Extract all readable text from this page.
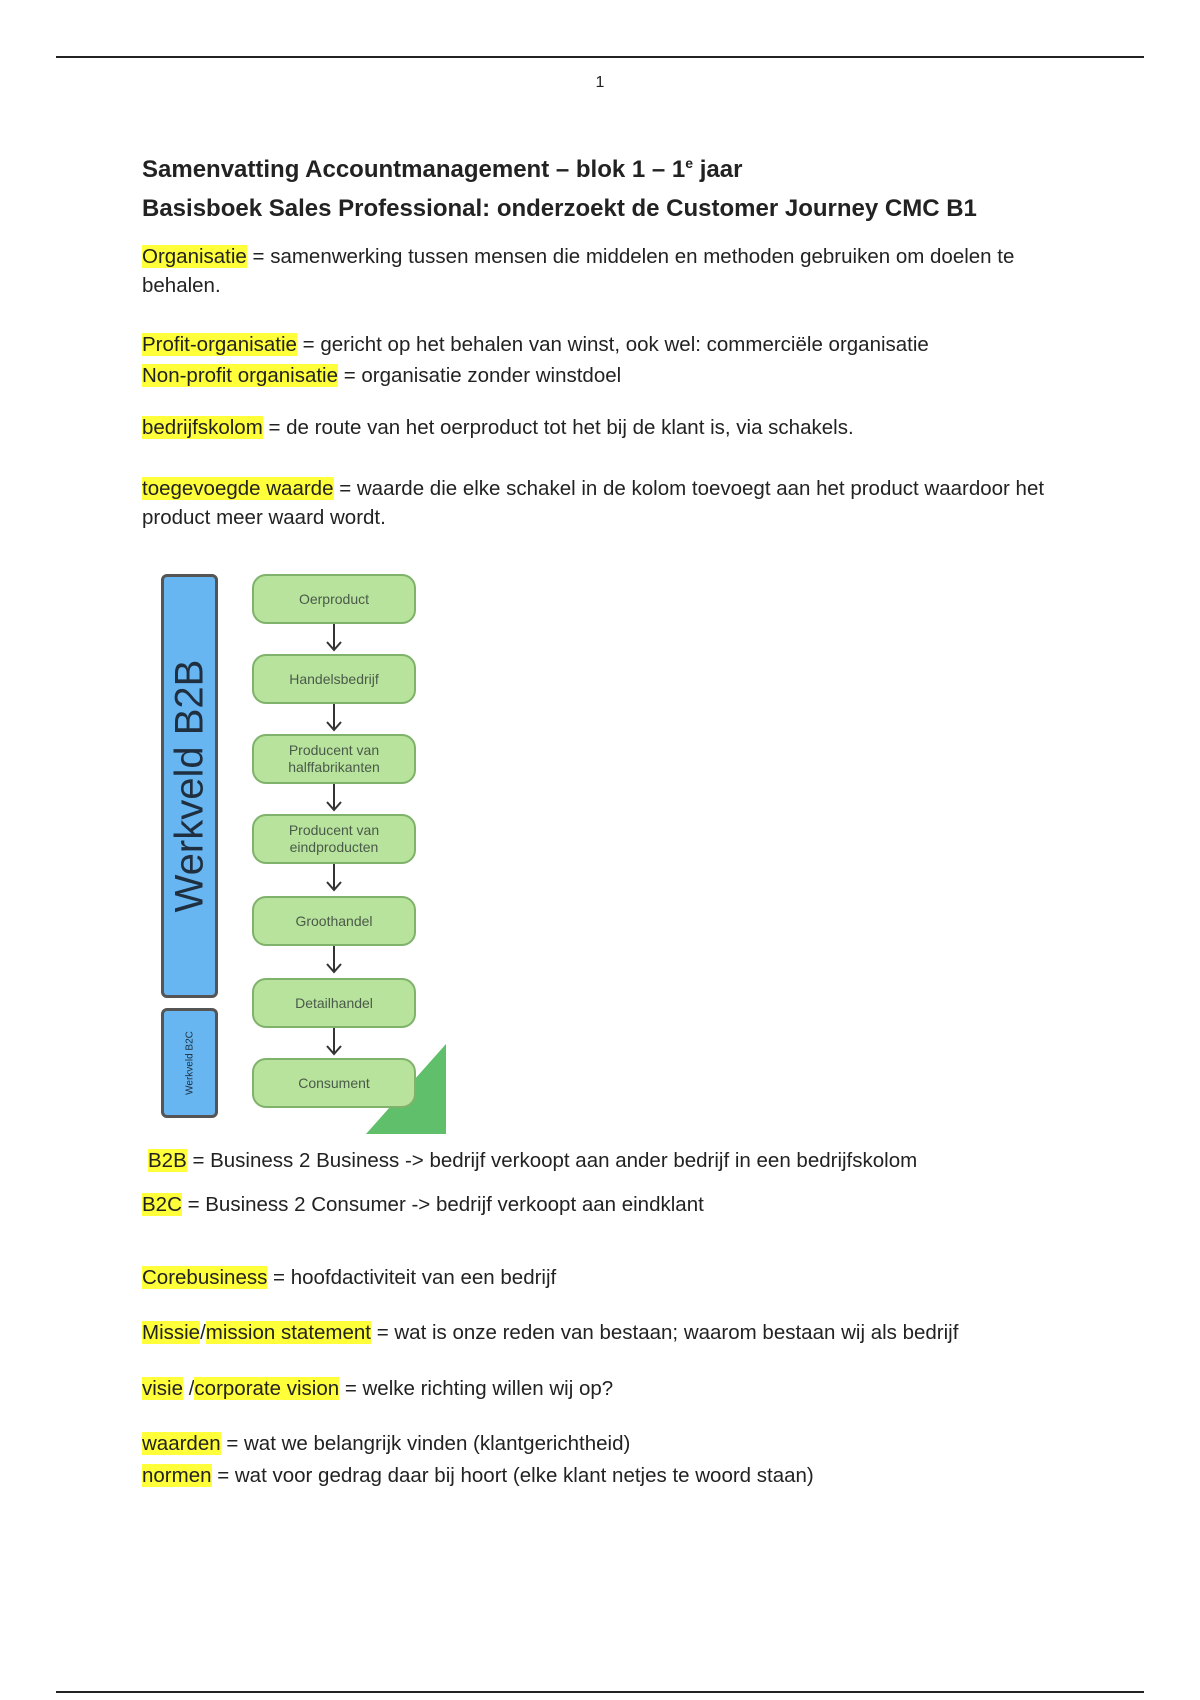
1
Samenvatting Accountmanagement – blok 1 – 1e jaar
Basisboek Sales Professional: onderzoekt de Customer Journey CMC B1
Organisatie = samenwerking tussen mensen die middelen en methoden gebruiken om doelen te behalen.
Profit-organisatie = gericht op het behalen van winst, ook wel: commerciële organisatie
Non-profit organisatie = organisatie zonder winstdoel
bedrijfskolom = de route van het oerproduct tot het bij de klant is, via schakels.
toegevoegde waarde = waarde die elke schakel in de kolom toevoegt aan het product waardoor het product meer waard wordt.
Werkveld B2B
Werkveld B2C
Oerproduct
Handelsbedrijf
Producent van
halffabrikanten
Producent van
eindproducten
Groothandel
Detailhandel
Consument
B2B = Business 2 Business -> bedrijf verkoopt aan ander bedrijf in een bedrijfskolom
B2C = Business 2 Consumer -> bedrijf verkoopt aan eindklant
Corebusiness = hoofdactiviteit van een bedrijf
Missie/mission statement = wat is onze reden van bestaan; waarom bestaan wij als bedrijf
visie /corporate vision = welke richting willen wij op?
waarden = wat we belangrijk vinden (klantgerichtheid)
normen = wat voor gedrag daar bij hoort (elke klant netjes te woord staan)
